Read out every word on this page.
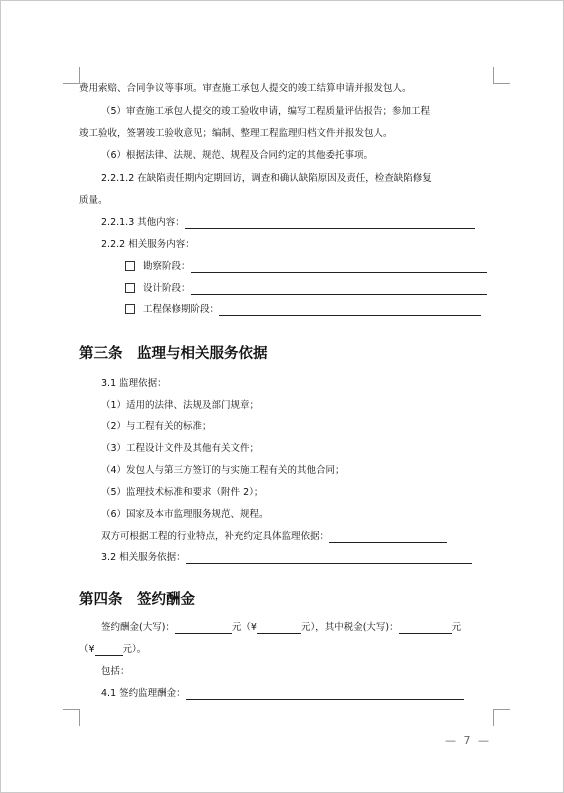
费用索赔、合同争议等事项。审查施工承包人提交的竣工结算申请并报发包人。
（5）审查施工承包人提交的竣工验收申请，编写工程质量评估报告；参加工程
竣工验收，签署竣工验收意见；编制、整理工程监理归档文件并报发包人。
（6）根据法律、法规、规范、规程及合同约定的其他委托事项。
2.2.1.2 在缺陷责任期内定期回访，调查和确认缺陷原因及责任，检查缺陷修复
质量。
2.2.1.3 其他内容：
2.2.2 相关服务内容：
勘察阶段：
设计阶段：
工程保修期阶段：
第三条　监理与相关服务依据
3.1 监理依据：
（1）适用的法律、法规及部门规章；
（2）与工程有关的标准；
（3）工程设计文件及其他有关文件；
（4）发包人与第三方签订的与实施工程有关的其他合同；
（5）监理技术标准和要求（附件 2）；
（6）国家及本市监理服务规范、规程。
双方可根据工程的行业特点，补充约定具体监理依据：
3.2 相关服务依据：
第四条　签约酬金
签约酬金(大写)：	元（¥	元），其中税金(大写)：	元
（¥	元）。
包括：
4.1 签约监理酬金：
— 7 —
